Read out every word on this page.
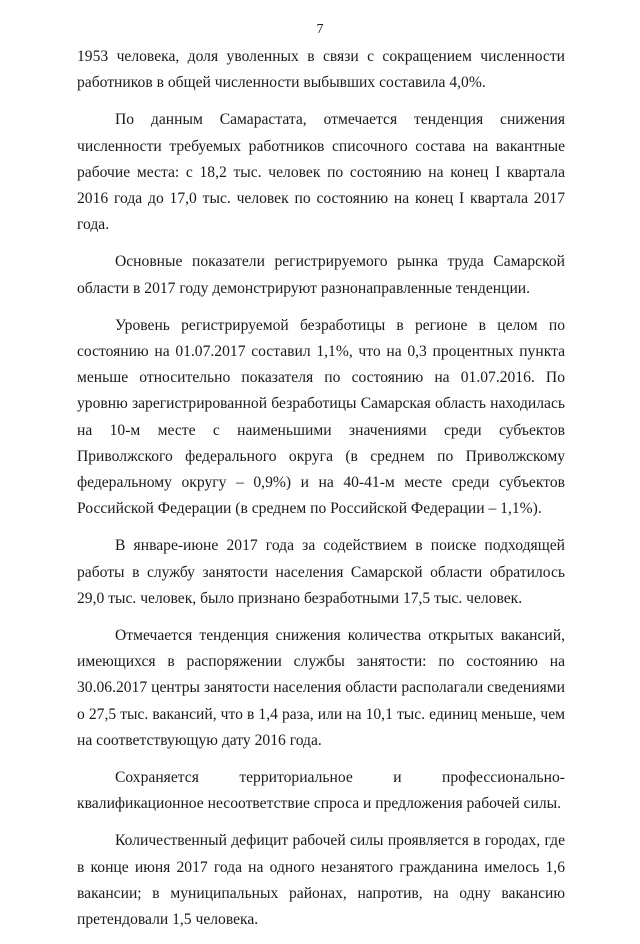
7

1953 человека, доля уволенных в связи с сокращением численности работников в общей численности выбывших составила 4,0%.

По данным Самарастата, отмечается тенденция снижения численности требуемых работников списочного состава на вакантные рабочие места: с 18,2 тыс. человек по состоянию на конец I квартала 2016 года до 17,0 тыс. человек по состоянию на конец I квартала 2017 года.

Основные показатели регистрируемого рынка труда Самарской области в 2017 году демонстрируют разнонаправленные тенденции.

Уровень регистрируемой безработицы в регионе в целом по состоянию на 01.07.2017 составил 1,1%, что на 0,3 процентных пункта меньше относительно показателя по состоянию на 01.07.2016. По уровню зарегистрированной безработицы Самарская область находилась на 10-м месте с наименьшими значениями среди субъектов Приволжского федерального округа (в среднем по Приволжскому федеральному округу – 0,9%) и на 40-41-м месте среди субъектов Российской Федерации (в среднем по Российской Федерации – 1,1%).

В январе-июне 2017 года за содействием в поиске подходящей работы в службу занятости населения Самарской области обратилось 29,0 тыс. человек, было признано безработными 17,5 тыс. человек.

Отмечается тенденция снижения количества открытых вакансий, имеющихся в распоряжении службы занятости: по состоянию на 30.06.2017 центры занятости населения области располагали сведениями о 27,5 тыс. вакансий, что в 1,4 раза, или на 10,1 тыс. единиц меньше, чем на соответствующую дату 2016 года.

Сохраняется территориальное и профессионально-квалификационное несоответствие спроса и предложения рабочей силы.

Количественный дефицит рабочей силы проявляется в городах, где в конце июня 2017 года на одного незанятого гражданина имелось 1,6 вакансии; в муниципальных районах, напротив, на одну вакансию претендовали 1,5 человека.
